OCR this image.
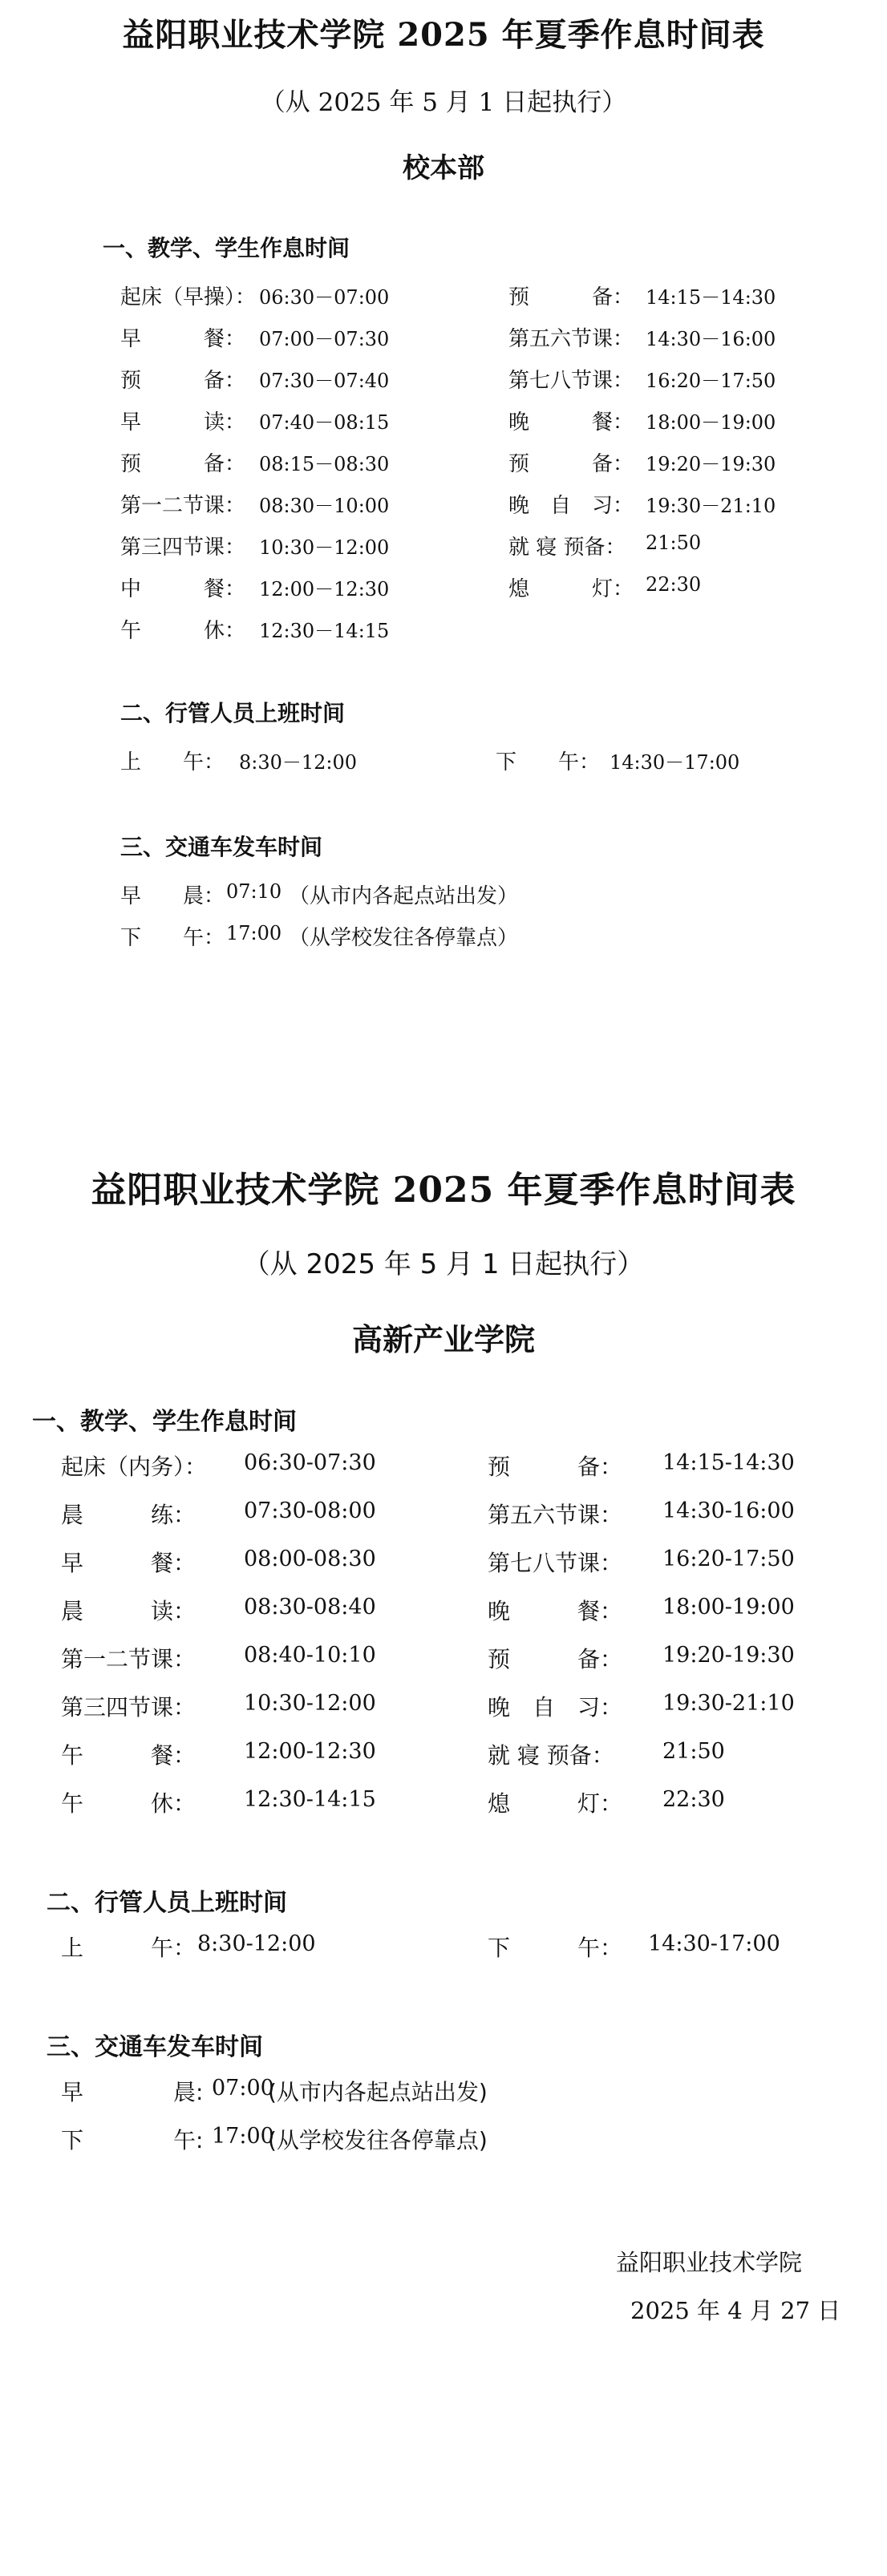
益阳职业技术学院 2025 年夏季作息时间表
（从 2025 年 5 月 1 日起执行）
校本部
一、教学、学生作息时间
起床（早操）： 06:30－07:00
早　　　餐： 07:00－07:30
预　　　备： 07:30－07:40
早　　　读： 07:40－08:15
预　　　备： 08:15－08:30
第一二节课： 08:30－10:00
第三四节课： 10:30－12:00
中　　　餐： 12:00－12:30
午　　　休： 12:30－14:15
预　　　备： 14:15－14:30
第五六节课： 14:30－16:00
第七八节课： 16:20－17:50
晚　　　餐： 18:00－19:00
预　　　备： 19:20－19:30
晚　自　习： 19:30－21:10
就 寝 预备： 21:50
熄　　　灯： 22:30
二、行管人员上班时间
上　　午： 8:30－12:00	下　　午： 14:30－17:00
三、交通车发车时间
早　　晨： 07:10 （从市内各起点站出发）
下　　午： 17:00 （从学校发往各停靠点）
益阳职业技术学院 2025 年夏季作息时间表
（从 2025 年 5 月 1 日起执行）
高新产业学院
一、教学、学生作息时间
起床（内务）： 06:30-07:30
晨　　　练： 07:30-08:00
早　　　餐： 08:00-08:30
晨　　　读： 08:30-08:40
第一二节课： 08:40-10:10
第三四节课： 10:30-12:00
午　　　餐： 12:00-12:30
午　　　休： 12:30-14:15
预　　　备： 14:15-14:30
第五六节课： 14:30-16:00
第七八节课： 16:20-17:50
晚　　　餐： 18:00-19:00
预　　　备： 19:20-19:30
晚　自　习： 19:30-21:10
就 寝 预备： 21:50
熄　　　灯： 22:30
二、行管人员上班时间
上　　　午： 8:30-12:00	下　　　午： 14:30-17:00
三、交通车发车时间
早　　　　晨: 07:00
(从市内各起点站出发)
下　　　　午: 17:00
(从学校发往各停靠点)
益阳职业技术学院
2025 年 4 月 27 日
